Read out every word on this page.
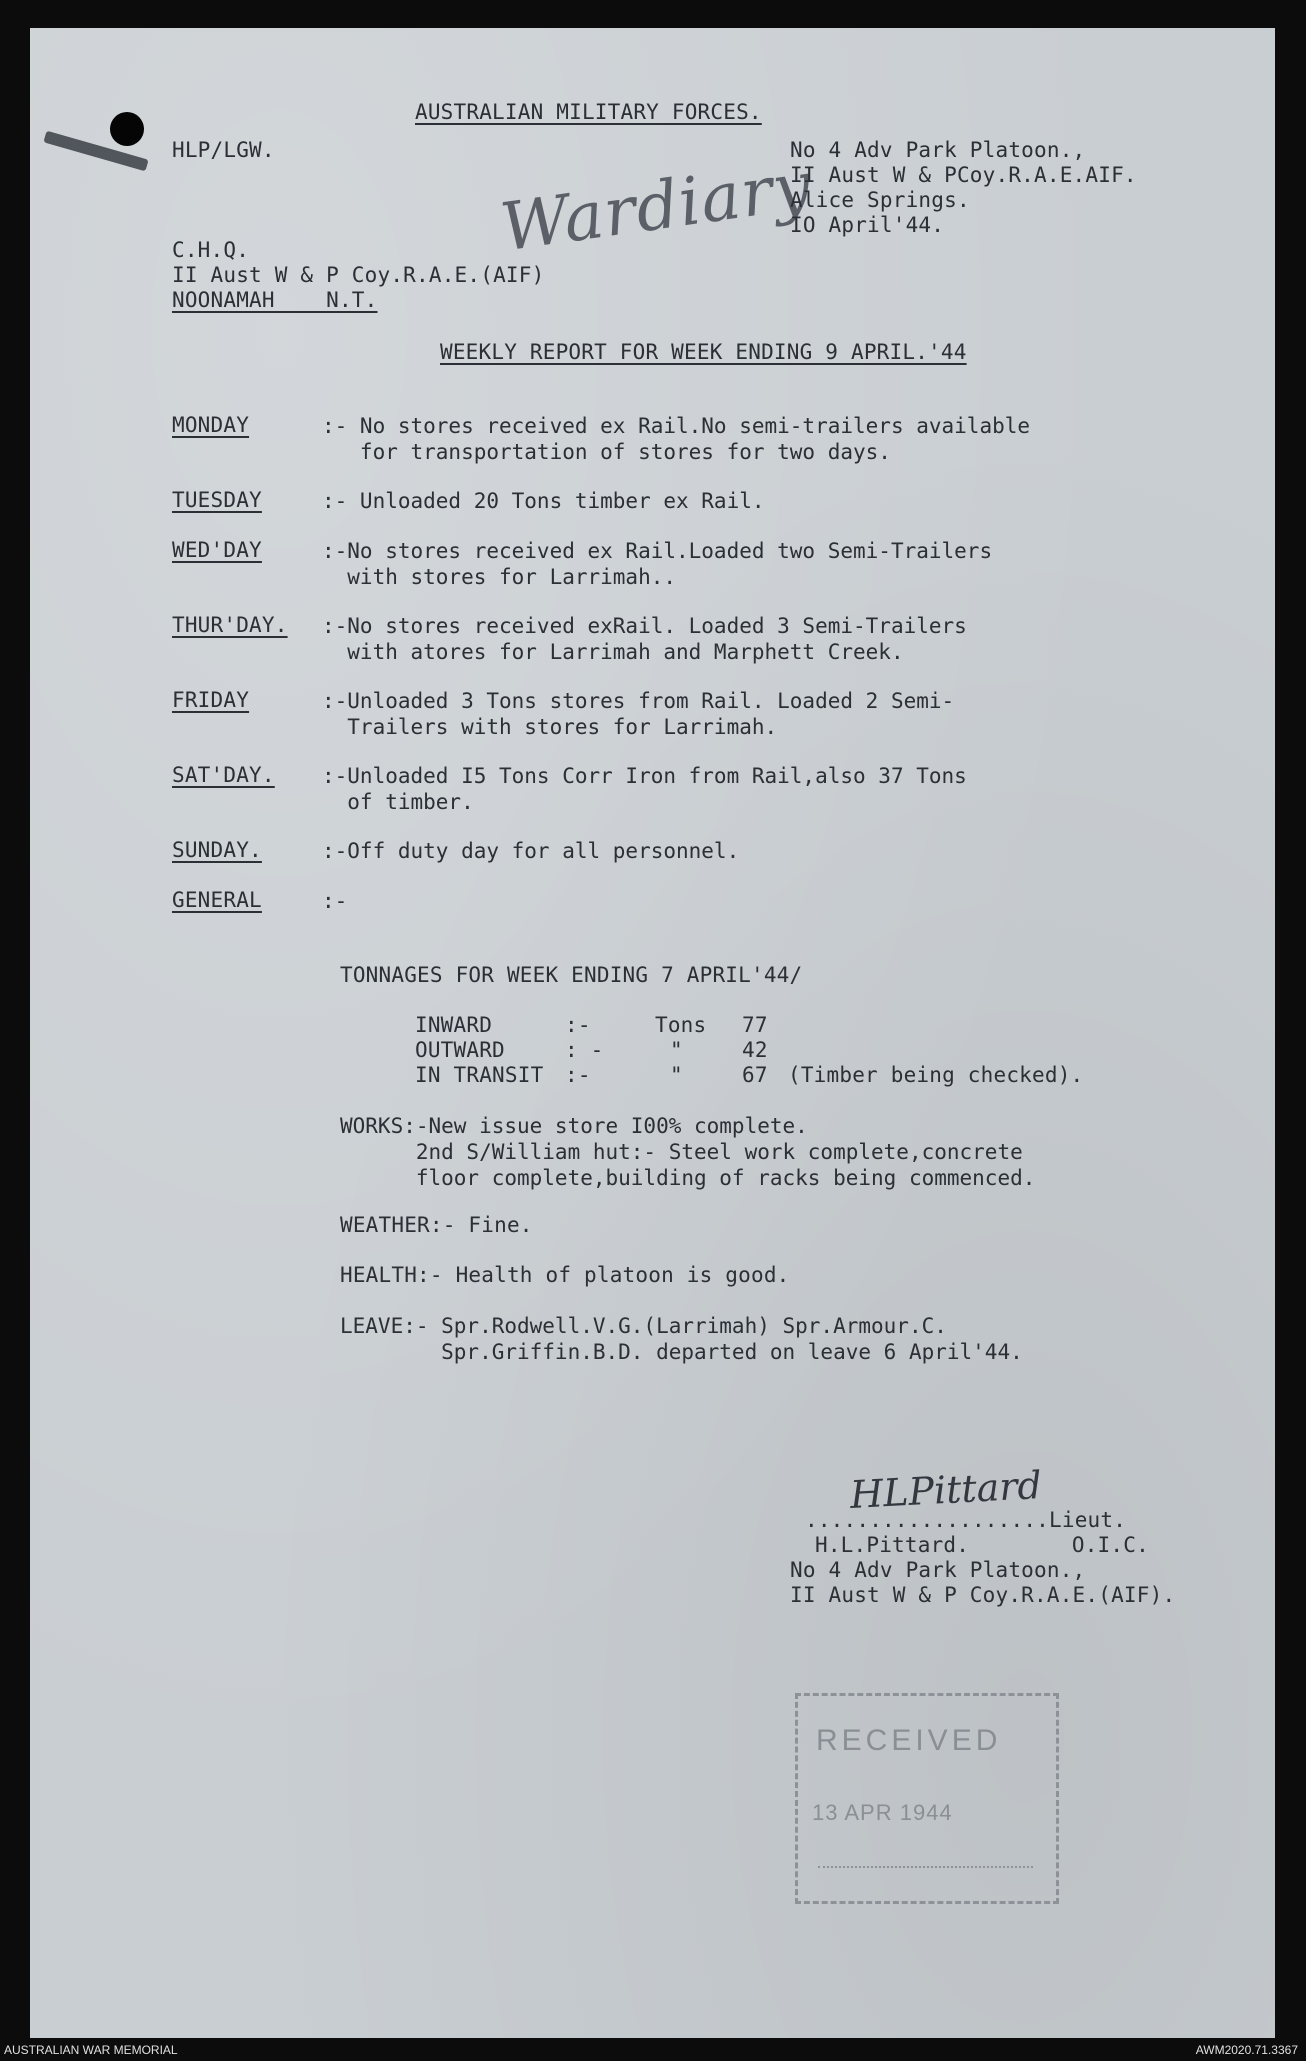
AUSTRALIAN MILITARY FORCES.
HLP/LGW.	Wardiary
No 4 Adv Park Platoon.,
II Aust W & PCoy.R.A.E.AIF.
Alice Springs.
IO April'44.
C.H.Q.
II Aust W & P Coy.R.A.E.(AIF)
NOONAMAH    N.T.
WEEKLY REPORT FOR WEEK ENDING 9 APRIL.'44
MONDAY	:- No stores received ex Rail.No semi-trailers available
for transportation of stores for two days.
TUESDAY	:- Unloaded 20 Tons timber ex Rail.
WED'DAY	:-No stores received ex Rail.Loaded two Semi-Trailers
with stores for Larrimah..
THUR'DAY. :-No stores received exRail. Loaded 3 Semi-Trailers
with atores for Larrimah and Marphett Creek.
FRIDAY	:-Unloaded 3 Tons stores from Rail. Loaded 2 Semi-
Trailers with stores for Larrimah.
SAT'DAY. :-Unloaded I5 Tons Corr Iron from Rail,also 37 Tons
of timber.
SUNDAY.	:-Off duty day for all personnel.
GENERAL	:-
TONNAGES FOR WEEK ENDING 7 APRIL'44/
INWARD	:-	Tons 77
OUTWARD	: -	"	42
IN TRANSIT :-	"	67 (Timber being checked).
WORKS:-New issue store I00% complete.
2nd S/William hut:- Steel work complete,concrete
floor complete,building of racks being commenced.
WEATHER:- Fine.
HEALTH:- Health of platoon is good.
LEAVE:- Spr.Rodwell.V.G.(Larrimah) Spr.Armour.C.
Spr.Griffin.B.D. departed on leave 6 April'44.
HLPittard
...................Lieut.
H.L.Pittard.        O.I.C.
No 4 Adv Park Platoon.,
II Aust W & P Coy.R.A.E.(AIF).
RECEIVED
13 APR 1944
AUSTRALIAN WAR MEMORIAL	AWM2020.71.3367
